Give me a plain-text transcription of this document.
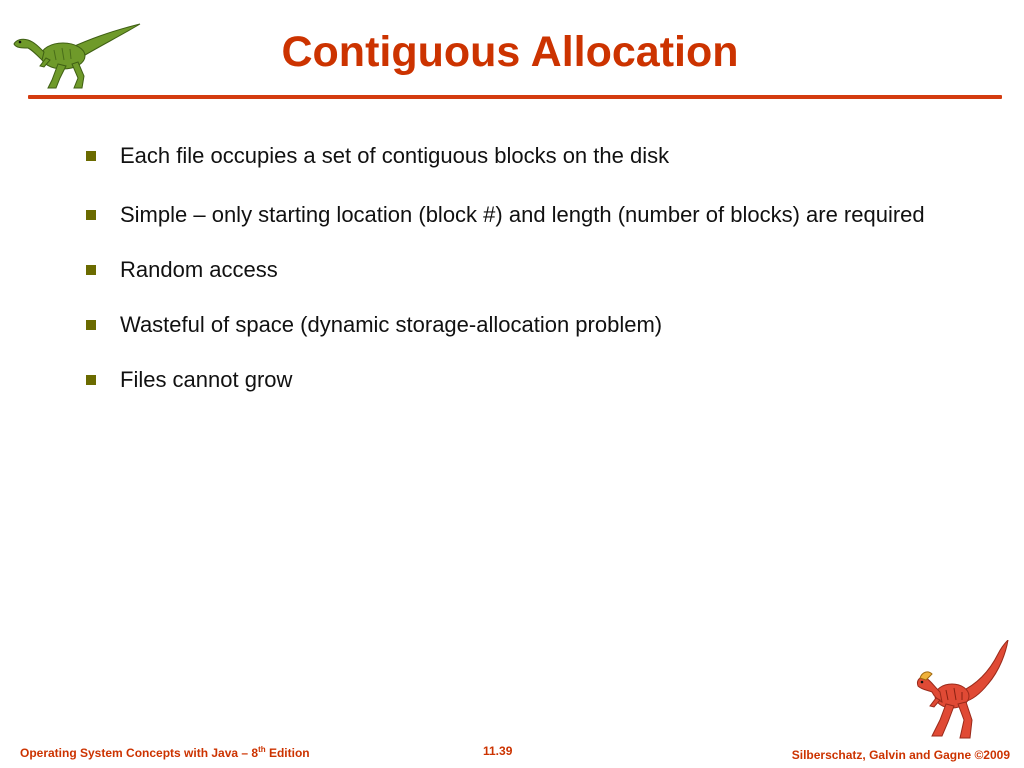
Contiguous Allocation
Each file occupies a set of contiguous blocks on the disk
Simple – only starting location (block #) and length (number of blocks) are required
Random access
Wasteful of space (dynamic storage-allocation problem)
Files cannot grow
Operating System Concepts with Java – 8th Edition	11.39	Silberschatz, Galvin and Gagne ©2009
